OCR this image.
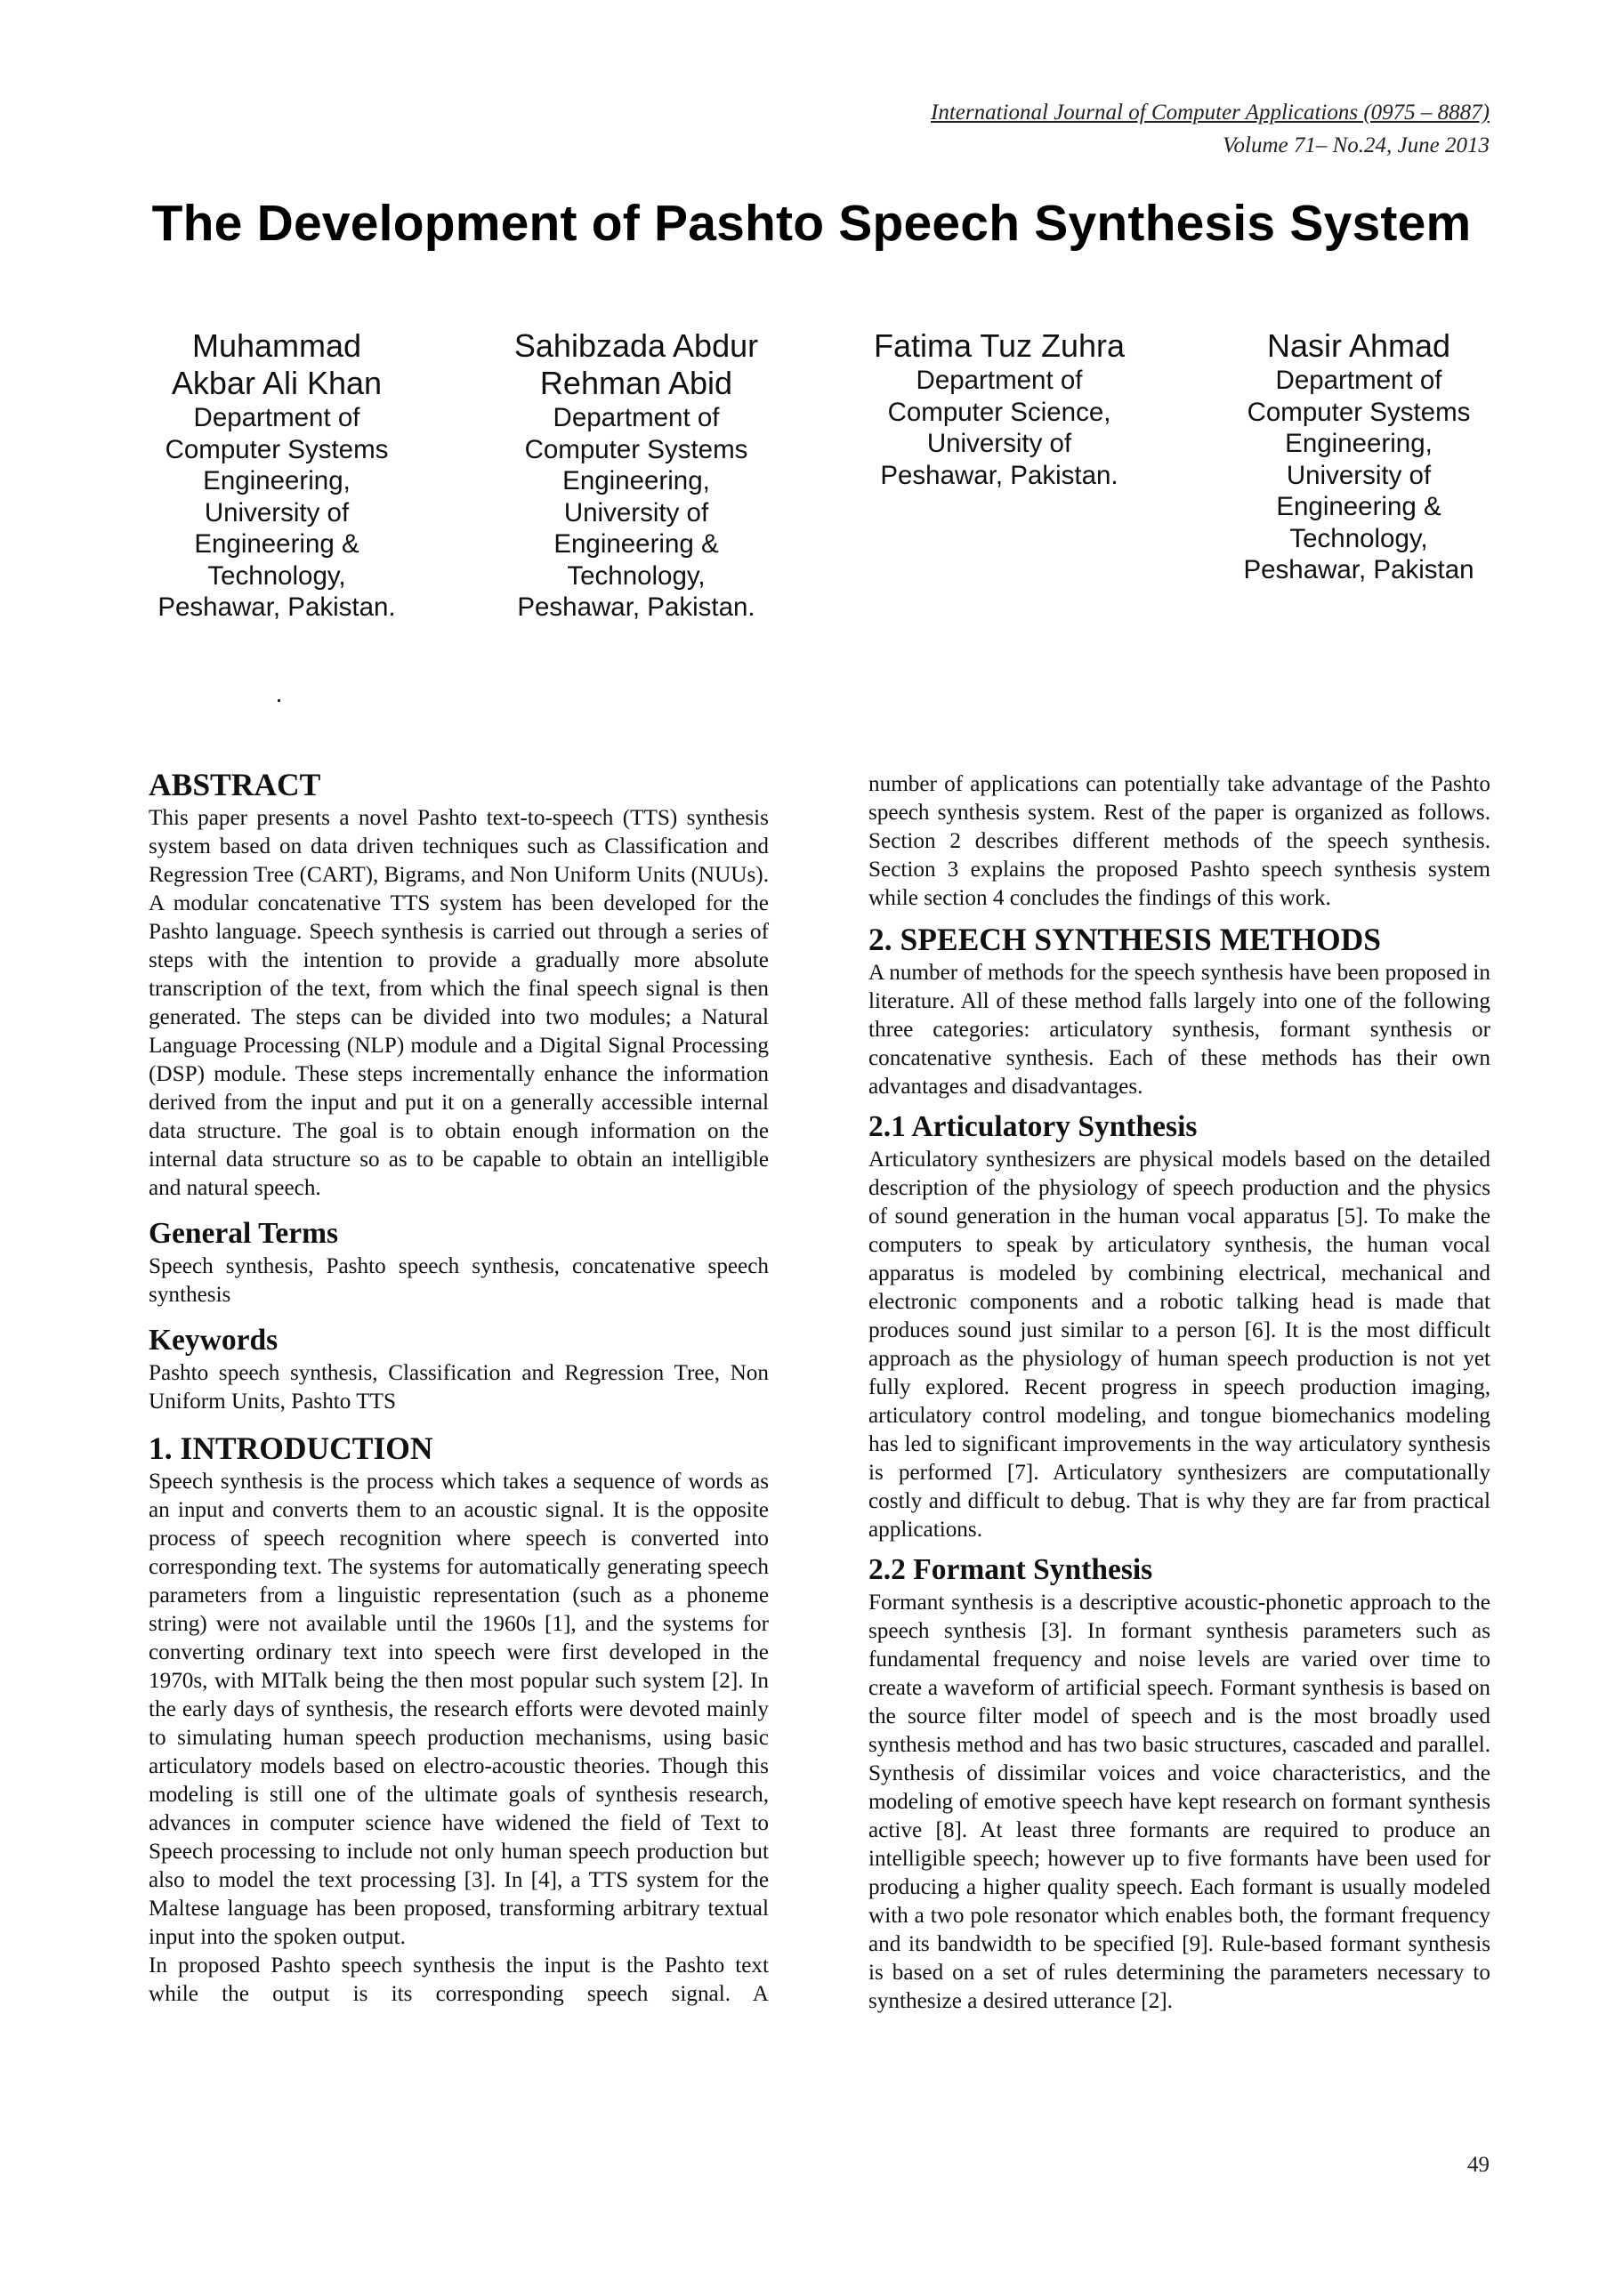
International Journal of Computer Applications (0975 – 8887)
Volume 71– No.24, June 2013
The Development of Pashto Speech Synthesis System
Muhammad
Akbar Ali Khan
Department of
Computer Systems
Engineering,
University of
Engineering &
Technology,
Peshawar, Pakistan.
Sahibzada Abdur
Rehman Abid
Department of
Computer Systems
Engineering,
University of
Engineering &
Technology,
Peshawar, Pakistan.
Fatima Tuz Zuhra
Department of
Computer Science,
University of
Peshawar, Pakistan.
Nasir Ahmad
Department of
Computer Systems
Engineering,
University of
Engineering &
Technology,
Peshawar, Pakistan
.
ABSTRACT

This paper presents a novel Pashto text-to-speech (TTS) synthesis system based on data driven techniques such as Classification and Regression Tree (CART), Bigrams, and Non Uniform Units (NUUs). A modular concatenative TTS system has been developed for the Pashto language. Speech synthesis is carried out through a series of steps with the intention to provide a gradually more absolute transcription of the text, from which the final speech signal is then generated. The steps can be divided into two modules; a Natural Language Processing (NLP) module and a Digital Signal Processing (DSP) module. These steps incrementally enhance the information derived from the input and put it on a generally accessible internal data structure. The goal is to obtain enough information on the internal data structure so as to be capable to obtain an intelligible and natural speech.

General Terms

Speech synthesis, Pashto speech synthesis, concatenative speech synthesis

Keywords

Pashto speech synthesis, Classification and Regression Tree, Non Uniform Units, Pashto TTS

1. INTRODUCTION

Speech synthesis is the process which takes a sequence of words as an input and converts them to an acoustic signal. It is the opposite process of speech recognition where speech is converted into corresponding text. The systems for automatically generating speech parameters from a linguistic representation (such as a phoneme string) were not available until the 1960s [1], and the systems for converting ordinary text into speech were first developed in the 1970s, with MITalk being the then most popular such system [2]. In the early days of synthesis, the research efforts were devoted mainly to simulating human speech production mechanisms, using basic articulatory models based on electro-acoustic theories. Though this modeling is still one of the ultimate goals of synthesis research, advances in computer science have widened the field of Text to Speech processing to include not only human speech production but also to model the text processing [3]. In [4], a TTS system for the Maltese language has been proposed, transforming arbitrary textual input into the spoken output.

In proposed Pashto speech synthesis the input is the Pashto text while the output is its corresponding speech signal. A

number of applications can potentially take advantage of the Pashto speech synthesis system. Rest of the paper is organized as follows. Section 2 describes different methods of the speech synthesis. Section 3 explains the proposed Pashto speech synthesis system while section 4 concludes the findings of this work.

2. SPEECH SYNTHESIS METHODS

A number of methods for the speech synthesis have been proposed in literature. All of these method falls largely into one of the following three categories: articulatory synthesis, formant synthesis or concatenative synthesis. Each of these methods has their own advantages and disadvantages.

2.1 Articulatory Synthesis

Articulatory synthesizers are physical models based on the detailed description of the physiology of speech production and the physics of sound generation in the human vocal apparatus [5]. To make the computers to speak by articulatory synthesis, the human vocal apparatus is modeled by combining electrical, mechanical and electronic components and a robotic talking head is made that produces sound just similar to a person [6]. It is the most difficult approach as the physiology of human speech production is not yet fully explored. Recent progress in speech production imaging, articulatory control modeling, and tongue biomechanics modeling has led to significant improvements in the way articulatory synthesis is performed [7]. Articulatory synthesizers are computationally costly and difficult to debug. That is why they are far from practical applications.

2.2 Formant Synthesis

Formant synthesis is a descriptive acoustic-phonetic approach to the speech synthesis [3]. In formant synthesis parameters such as fundamental frequency and noise levels are varied over time to create a waveform of artificial speech. Formant synthesis is based on the source filter model of speech and is the most broadly used synthesis method and has two basic structures, cascaded and parallel. Synthesis of dissimilar voices and voice characteristics, and the modeling of emotive speech have kept research on formant synthesis active [8]. At least three formants are required to produce an intelligible speech; however up to five formants have been used for producing a higher quality speech. Each formant is usually modeled with a two pole resonator which enables both, the formant frequency and its bandwidth to be specified [9]. Rule-based formant synthesis is based on a set of rules determining the parameters necessary to synthesize a desired utterance [2].

49
